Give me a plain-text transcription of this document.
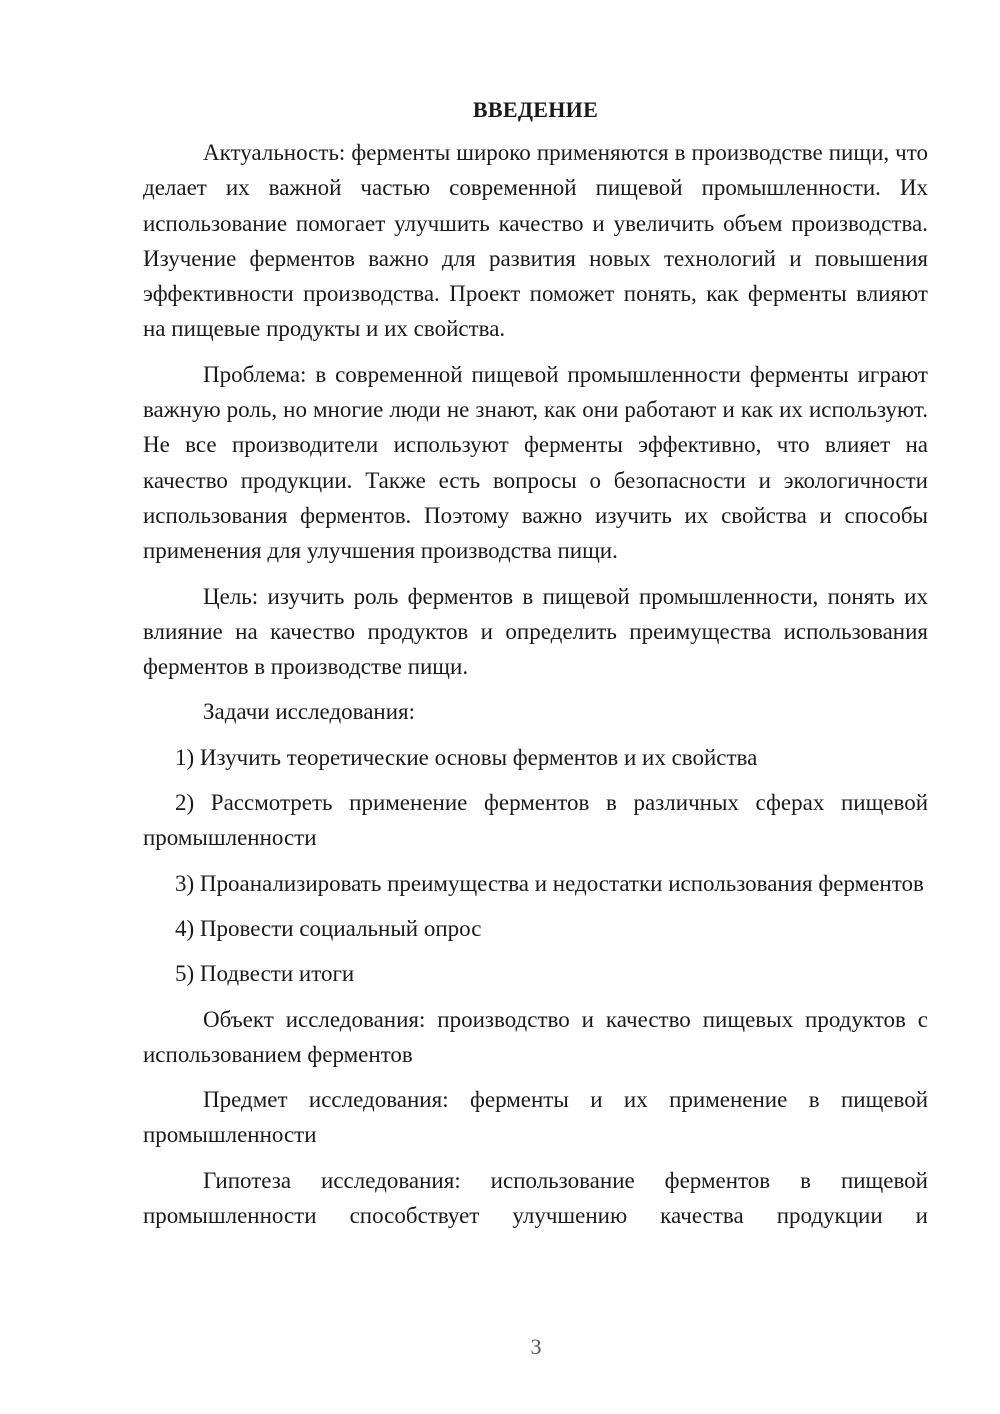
ВВЕДЕНИЕ

Актуальность: ферменты широко применяются в производстве пищи, что делает их важной частью современной пищевой промышленности. Их использование помогает улучшить качество и увеличить объем производства. Изучение ферментов важно для развития новых технологий и повышения эффективности производства. Проект поможет понять, как ферменты влияют на пищевые продукты и их свойства.

Проблема: в современной пищевой промышленности ферменты играют важную роль, но многие люди не знают, как они работают и как их используют. Не все производители используют ферменты эффективно, что влияет на качество продукции. Также есть вопросы о безопасности и экологичности использования ферментов. Поэтому важно изучить их свойства и способы применения для улучшения производства пищи.

Цель: изучить роль ферментов в пищевой промышленности, понять их влияние на качество продуктов и определить преимущества использования ферментов в производстве пищи.

Задачи исследования:

1) Изучить теоретические основы ферментов и их свойства

2) Рассмотреть применение ферментов в различных сферах пищевой промышленности

3) Проанализировать преимущества и недостатки использования ферментов

4) Провести социальный опрос

5) Подвести итоги

Объект исследования: производство и качество пищевых продуктов с использованием ферментов

Предмет исследования: ферменты и их применение в пищевой промышленности

Гипотеза исследования: использование ферментов в пищевой промышленности способствует улучшению качества продукции и

3
